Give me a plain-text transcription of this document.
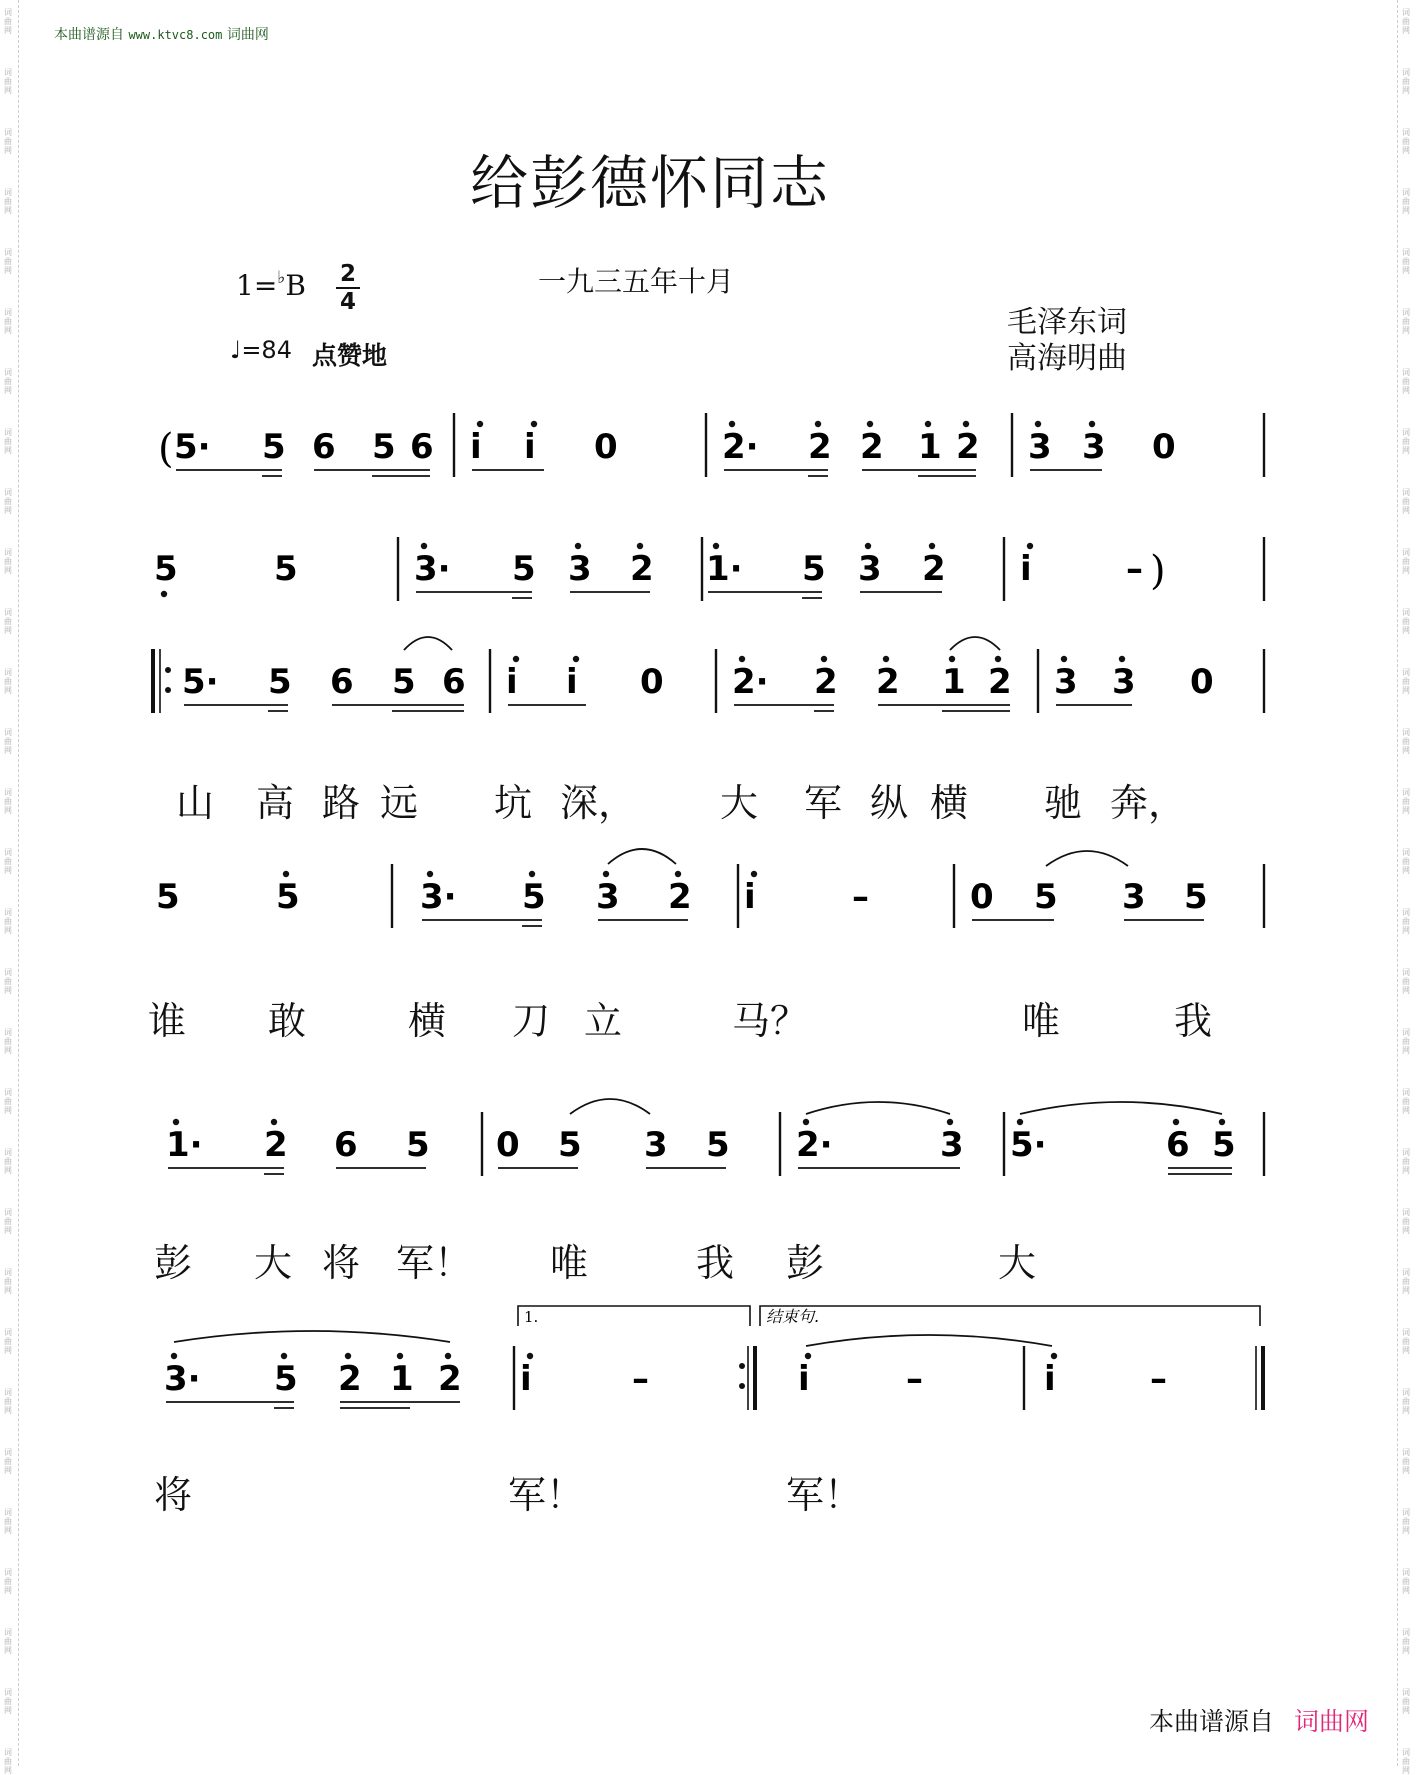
词
曲
网
词
曲
网
词
曲
网
词
曲
网
词
曲
网
词
曲
网
词
曲
网
词
曲
网
词
曲
网
词
曲
网
词
曲
网
词
曲
网
词
曲
网
词
曲
网
词
曲
网
词
曲
网
词
曲
网
词
曲
网
词
曲
网
词
曲
网
词
曲
网
词
曲
网
词
曲
网
词
曲
网
词
曲
网
词
曲
网
词
曲
网
词
曲
网
词
曲
网
词
曲
网
词
曲
网
词
曲
网
词
曲
网
词
曲
网
词
曲
网
词
曲
网
词
曲
网
词
曲
网
词
曲
网
词
曲
网
词
曲
网
词
曲
网
词
曲
网
词
曲
网
词
曲
网
词
曲
网
词
曲
网
词
曲
网
词
曲
网
词
曲
网
词
曲
网
词
曲
网
词
曲
网
词
曲
网
词
曲
网
词
曲
网
词
曲
网
词
曲
网
词
曲
网
词
曲
网
本曲谱源自 www.ktvc8.com 词曲网
给彭德怀同志
1=♭B 2
4
♩=84 点赞地
一九三五年十月
毛泽东词
高海明曲
( 5· 5 6 5 6 i i 0	2· 2 2 1 2 3 3 0
5	5	3· 5 3 2 1· 5 3 2 i	– )
5· 5 6 5 6 i i 0 2· 2 2 1 2 3 3 0
5	5	3· 5 3 2 i	–	0 5 3 5
1· 2 6 5 0 5 3 5 2·	3 5·	6 5
3· 5 2 1 2 i	–	i	–	i	–
1.	结束句.
山 高 路 远 坑 深， 大 军 纵 横 驰 奔，
谁 敢	横 刀 立	马？	唯	我
彭 大 将 军！ 唯	我 彭	大
将	军！	军！
本曲谱源自 词曲网
